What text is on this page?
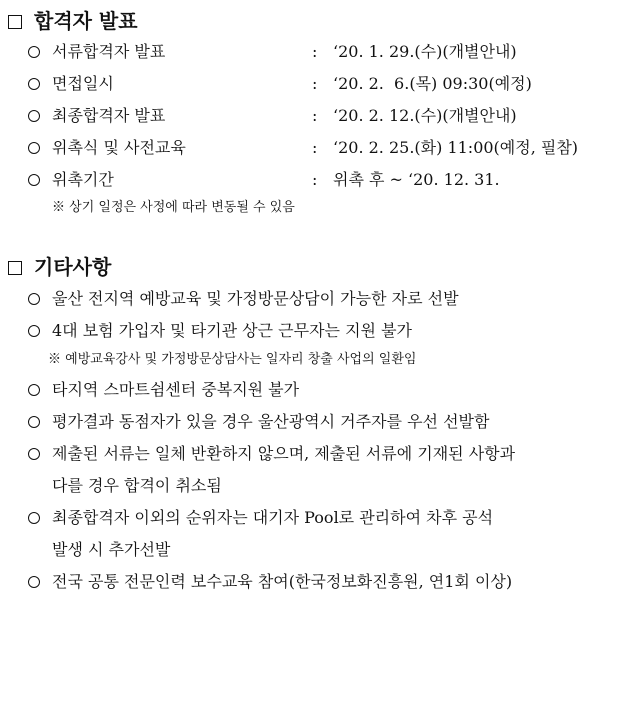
합격자 발표
서류합격자 발표	: ‘20. 1. 29.(수)(개별안내)
면접일시	: ‘20. 2.  6.(목) 09:30(예정)
최종합격자 발표	: ‘20. 2. 12.(수)(개별안내)
위촉식 및 사전교육	: ‘20. 2. 25.(화) 11:00(예정, 필참)
위촉기간	: 위촉 후 ~ ‘20. 12. 31.
※ 상기 일정은 사정에 따라 변동될 수 있음
기타사항
울산 전지역 예방교육 및 가정방문상담이 가능한 자로 선발
4대 보험 가입자 및 타기관 상근 근무자는 지원 불가
※ 예방교육강사 및 가정방문상담사는 일자리 창출 사업의 일환임
타지역 스마트쉼센터 중복지원 불가
평가결과 동점자가 있을 경우 울산광역시 거주자를 우선 선발함
제출된 서류는 일체 반환하지 않으며, 제출된 서류에 기재된 사항과
다를 경우 합격이 취소됨
최종합격자 이외의 순위자는 대기자 Pool로 관리하여 차후 공석
발생 시 추가선발
전국 공통 전문인력 보수교육 참여(한국정보화진흥원, 연1회 이상)
